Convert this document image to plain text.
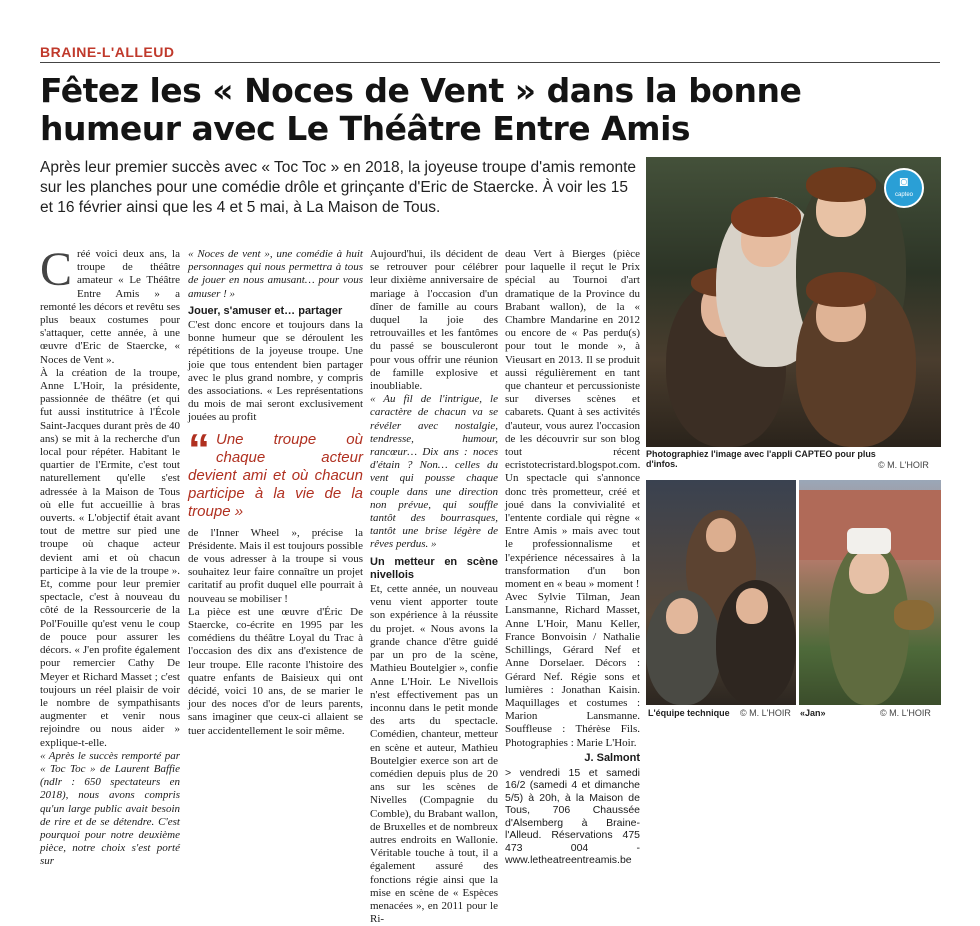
BRAINE-L'ALLEUD
Fêtez les « Noces de Vent » dans la bonne humeur avec Le Théâtre Entre Amis
Après leur premier succès avec « Toc Toc » en 2018, la joyeuse troupe d'amis remonte sur les planches pour une comédie drôle et grinçante d'Eric de Staercke. À voir les 15 et 16 février ainsi que les 4 et 5 mai, à La Maison de Tous.
C réé voici deux ans, la troupe de théâtre amateur « Le Théâtre Entre Amis » a remonté les décors et revêtu ses plus beaux costumes pour s'attaquer, cette année, à une œuvre d'Eric de Staercke, « Noces de Vent ».

À la création de la troupe, Anne L'Hoir, la présidente, passionnée de théâtre (et qui fut aussi institutrice à l'École Saint-Jacques durant près de 40 ans) se mit à la recherche d'un local pour répéter. Habitant le quartier de l'Ermite, c'est tout naturellement qu'elle s'est adressée à la Maison de Tous où elle fut accueillie à bras ouverts. « L'objectif était avant tout de mettre sur pied une troupe où chaque acteur devient ami et où chacun participe à la vie de la troupe ». Et, comme pour leur premier spectacle, c'est à nouveau du côté de la Ressourcerie de la Pol'Fouille qu'est venu le coup de pouce pour assurer les décors. « J'en profite également pour remercier Cathy De Meyer et Richard Masset ; c'est toujours un réel plaisir de voir le nombre de sympathisants augmenter et venir nous rejoindre ou nous aider » explique-t-elle.

« Après le succès remporté par « Toc Toc » de Laurent Baffie (ndlr : 650 spectateurs en 2018), nous avons compris qu'un large public avait besoin de rire et de se détendre. C'est pourquoi pour notre deuxième pièce, notre choix s'est porté sur

« Noces de vent », une comédie à huit personnages qui nous permettra à tous de jouer en nous amusant… pour vous amuser ! »

Jouer, s'amuser et… partager

C'est donc encore et toujours dans la bonne humeur que se déroulent les répétitions de la joyeuse troupe. Une joie que tous entendent bien partager avec le plus grand nombre, y compris des associations. « Les représentations du mois de mai seront exclusivement jouées au profit

“ Une troupe où chaque acteur devient ami et où chacun participe à la vie de la troupe »

de l'Inner Wheel », précise la Présidente. Mais il est toujours possible de vous adresser à la troupe si vous souhaitez leur faire connaître un projet caritatif au profit duquel elle pourrait à nouveau se mobiliser !

La pièce est une œuvre d'Éric De Staercke, co-écrite en 1995 par les comédiens du théâtre Loyal du Trac à l'occasion des dix ans d'existence de leur troupe. Elle raconte l'histoire des quatre enfants de Baisieux qui ont décidé, voici 10 ans, de se marier le jour des noces d'or de leurs parents, sans imaginer que ceux-ci allaient se tuer accidentellement le soir même.

Aujourd'hui, ils décident de se retrouver pour célébrer leur dixième anniversaire de mariage à l'occasion d'un dîner de famille au cours duquel la joie des retrouvailles et les fantômes du passé se bousculeront pour vous offrir une réunion de famille explosive et inoubliable.

« Au fil de l'intrigue, le caractère de chacun va se révéler avec nostalgie, tendresse, humour, rancœur… Dix ans : noces d'étain ? Non… celles du vent qui pousse chaque couple dans une direction non prévue, qui souffle tantôt des bourrasques, tantôt une brise légère de rêves perdus. »

Un metteur en scène nivellois

Et, cette année, un nouveau venu vient apporter toute son expérience à la réussite du projet. « Nous avons la grande chance d'être guidé par un pro de la scène, Mathieu Boutelgier », confie Anne L'Hoir. Le Nivellois n'est effectivement pas un inconnu dans le petit monde des arts du spectacle. Comédien, chanteur, metteur en scène et auteur, Mathieu Boutelgier exerce son art de comédien depuis plus de 20 ans sur les scènes de Nivelles (Compagnie du Comble), du Brabant wallon, de Bruxelles et de nombreux autres endroits en Wallonie. Véritable touche à tout, il a également assuré des fonctions régie ainsi que la mise en scène de « Espèces menacées », en 2011 pour le Ri-

deau Vert à Bierges (pièce pour laquelle il reçut le Prix spécial au Tournoi d'art dramatique de la Province du Brabant wallon), de la « Chambre Mandarine en 2012 ou encore de « Pas perdu(s) pour tout le monde », à Vieusart en 2013. Il se produit aussi régulièrement en tant que chanteur et percussioniste sur diverses scènes et cabarets. Quant à ses activités d'auteur, vous aurez l'occasion de les découvrir sur son blog tout récent ecristotecristard.blogspot.com.

Un spectacle qui s'annonce donc très prometteur, créé et joué dans la convivialité et l'entente cordiale qui règne « Entre Amis » mais avec tout le professionnalisme et l'expérience nécessaires à la transformation d'un bon moment en « beau » moment !

Avec Sylvie Tilman, Jean Lansmanne, Richard Masset, Anne L'Hoir, Manu Keller, France Bonvoisin / Nathalie Schillings, Gérard Nef et Anne Dorselaer. Décors : Gérard Nef. Régie sons et lumières : Jonathan Kaisin. Maquillages et costumes : Marion Lansmanne. Souffleuse : Thérèse Fils. Photographies : Marie L'Hoir.

J. Salmont

> vendredi 15 et samedi 16/2 (samedi 4 et dimanche 5/5) à 20h, à la Maison de Tous, 706 Chaussée d'Alsemberg à Braine-l'Alleud. Réservations 475 473 004 - www.letheatreentreamis.be

◙
capteo
Photographiez l'image avec l'appli CAPTEO pour plus d'infos.	© M. L'HOIR
L'équipe technique © M. L'HOIR «Jan»	© M. L'HOIR
